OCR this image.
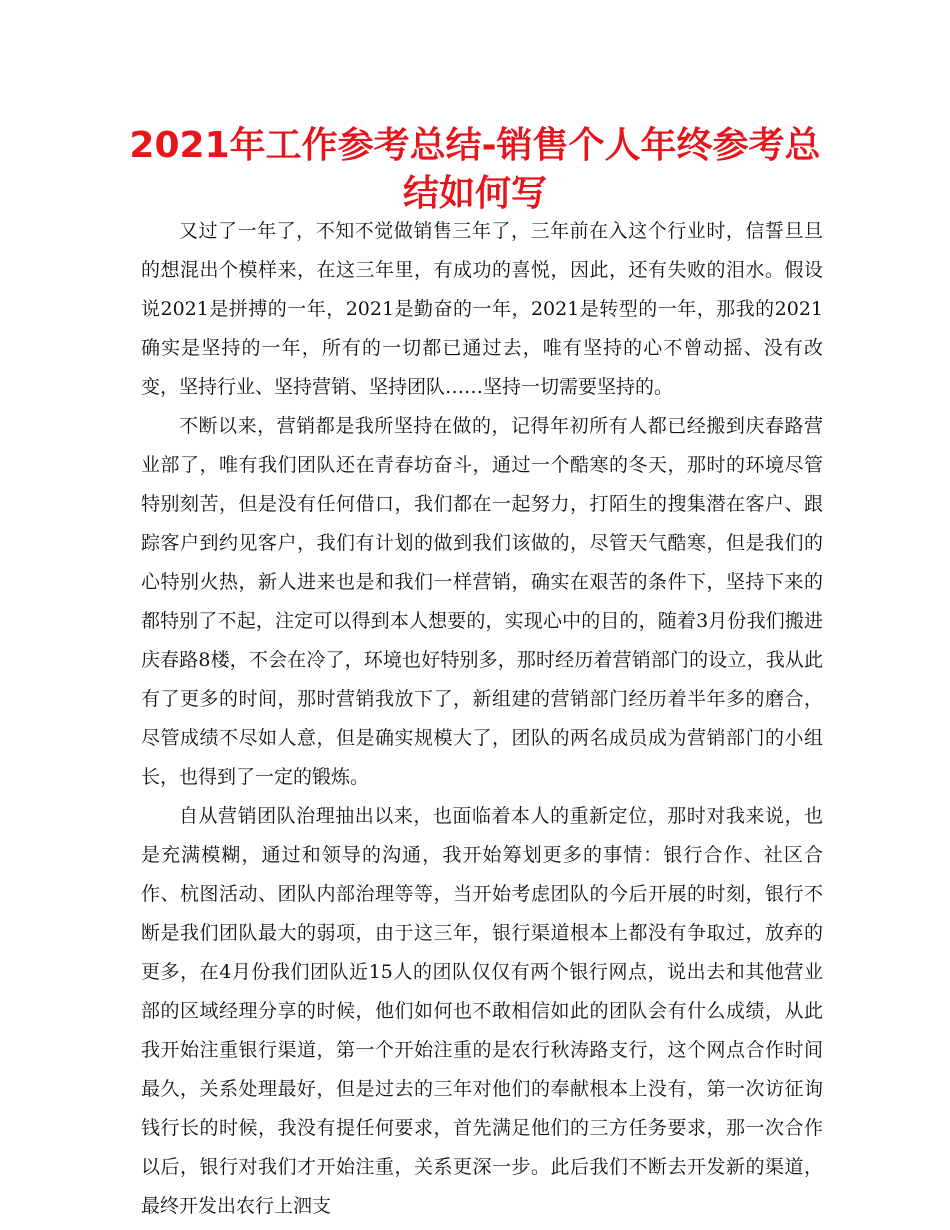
2021年工作参考总结-销售个人年终参考总结如何写

又过了一年了，不知不觉做销售三年了，三年前在入这个行业时，信誓旦旦的想混出个模样来，在这三年里，有成功的喜悦，因此，还有失败的泪水。假设说2021是拼搏的一年，2021是勤奋的一年，2021是转型的一年，那我的2021确实是坚持的一年，所有的一切都已通过去，唯有坚持的心不曾动摇、没有改变，坚持行业、坚持营销、坚持团队……坚持一切需要坚持的。

不断以来，营销都是我所坚持在做的，记得年初所有人都已经搬到庆春路营业部了，唯有我们团队还在青春坊奋斗，通过一个酷寒的冬天，那时的环境尽管特别刻苦，但是没有任何借口，我们都在一起努力，打陌生的搜集潜在客户、跟踪客户到约见客户，我们有计划的做到我们该做的，尽管天气酷寒，但是我们的心特别火热，新人进来也是和我们一样营销，确实在艰苦的条件下，坚持下来的都特别了不起，注定可以得到本人想要的，实现心中的目的，随着3月份我们搬进庆春路8楼，不会在冷了，环境也好特别多，那时经历着营销部门的设立，我从此有了更多的时间，那时营销我放下了，新组建的营销部门经历着半年多的磨合，尽管成绩不尽如人意，但是确实规模大了，团队的两名成员成为营销部门的小组长，也得到了一定的锻炼。

自从营销团队治理抽出以来，也面临着本人的重新定位，那时对我来说，也是充满模糊，通过和领导的沟通，我开始筹划更多的事情：银行合作、社区合作、杭图活动、团队内部治理等等，当开始考虑团队的今后开展的时刻，银行不断是我们团队最大的弱项，由于这三年，银行渠道根本上都没有争取过，放弃的更多，在4月份我们团队近15人的团队仅仅有两个银行网点，说出去和其他营业部的区域经理分享的时候，他们如何也不敢相信如此的团队会有什么成绩，从此我开始注重银行渠道，第一个开始注重的是农行秋涛路支行，这个网点合作时间最久，关系处理最好，但是过去的三年对他们的奉献根本上没有，第一次访征询钱行长的时候，我没有提任何要求，首先满足他们的三方任务要求，那一次合作以后，银行对我们才开始注重，关系更深一步。此后我们不断去开发新的渠道，最终开发出农行上泗支
